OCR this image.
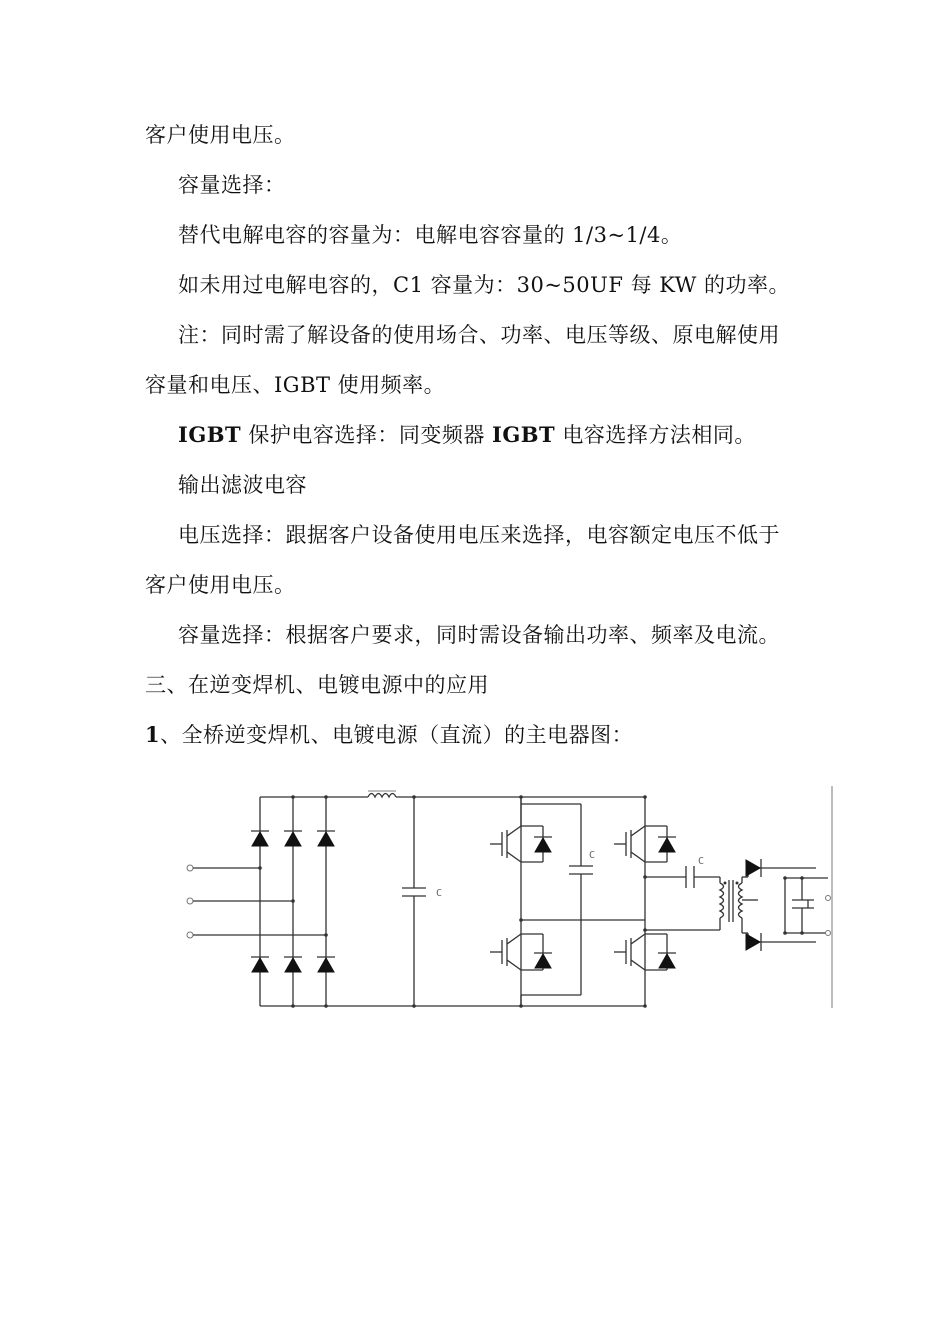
客户使用电压。
容量选择：
替代电解电容的容量为：电解电容容量的 1/3~1/4。
如未用过电解电容的，C1 容量为：30~50UF 每 KW 的功率。
注：同时需了解设备的使用场合、功率、电压等级、原电解使用
容量和电压、IGBT 使用频率。
IGBT 保护电容选择：同变频器 IGBT 电容选择方法相同。
输出滤波电容
电压选择：跟据客户设备使用电压来选择，电容额定电压不低于
客户使用电压。
容量选择：根据客户要求，同时需设备输出功率、频率及电流。
三、在逆变焊机、电镀电源中的应用
1、全桥逆变焊机、电镀电源（直流）的主电器图：
C
C
C
